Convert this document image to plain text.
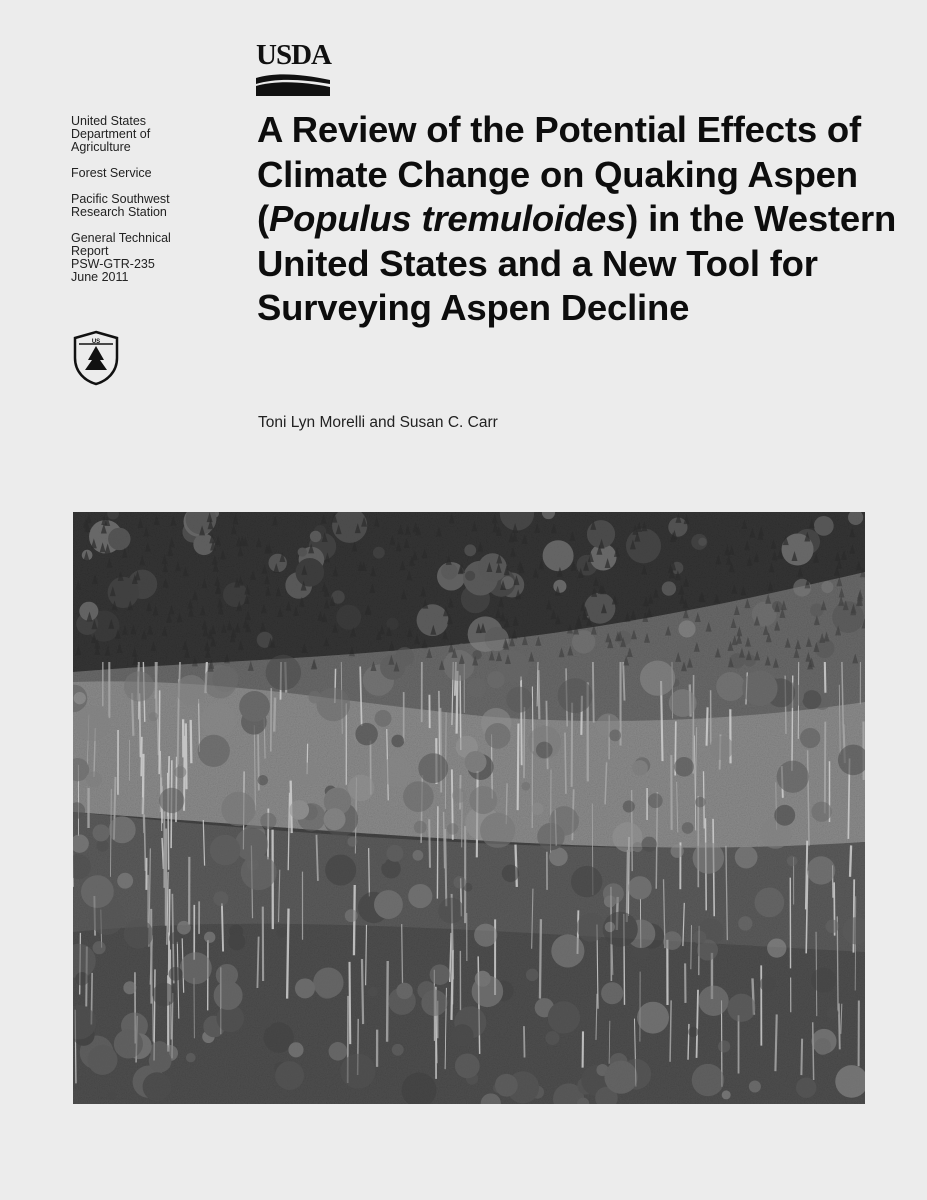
USDA

United States
Department of
Agriculture

Forest Service

Pacific Southwest
Research Station

General Technical
Report
PSW-GTR-235
June 2011

US
A Review of the Potential Effects of Climate Change on Quaking Aspen (Populus tremuloides) in the Western United States and a New Tool for Surveying Aspen Decline

Toni Lyn Morelli and Susan C. Carr
